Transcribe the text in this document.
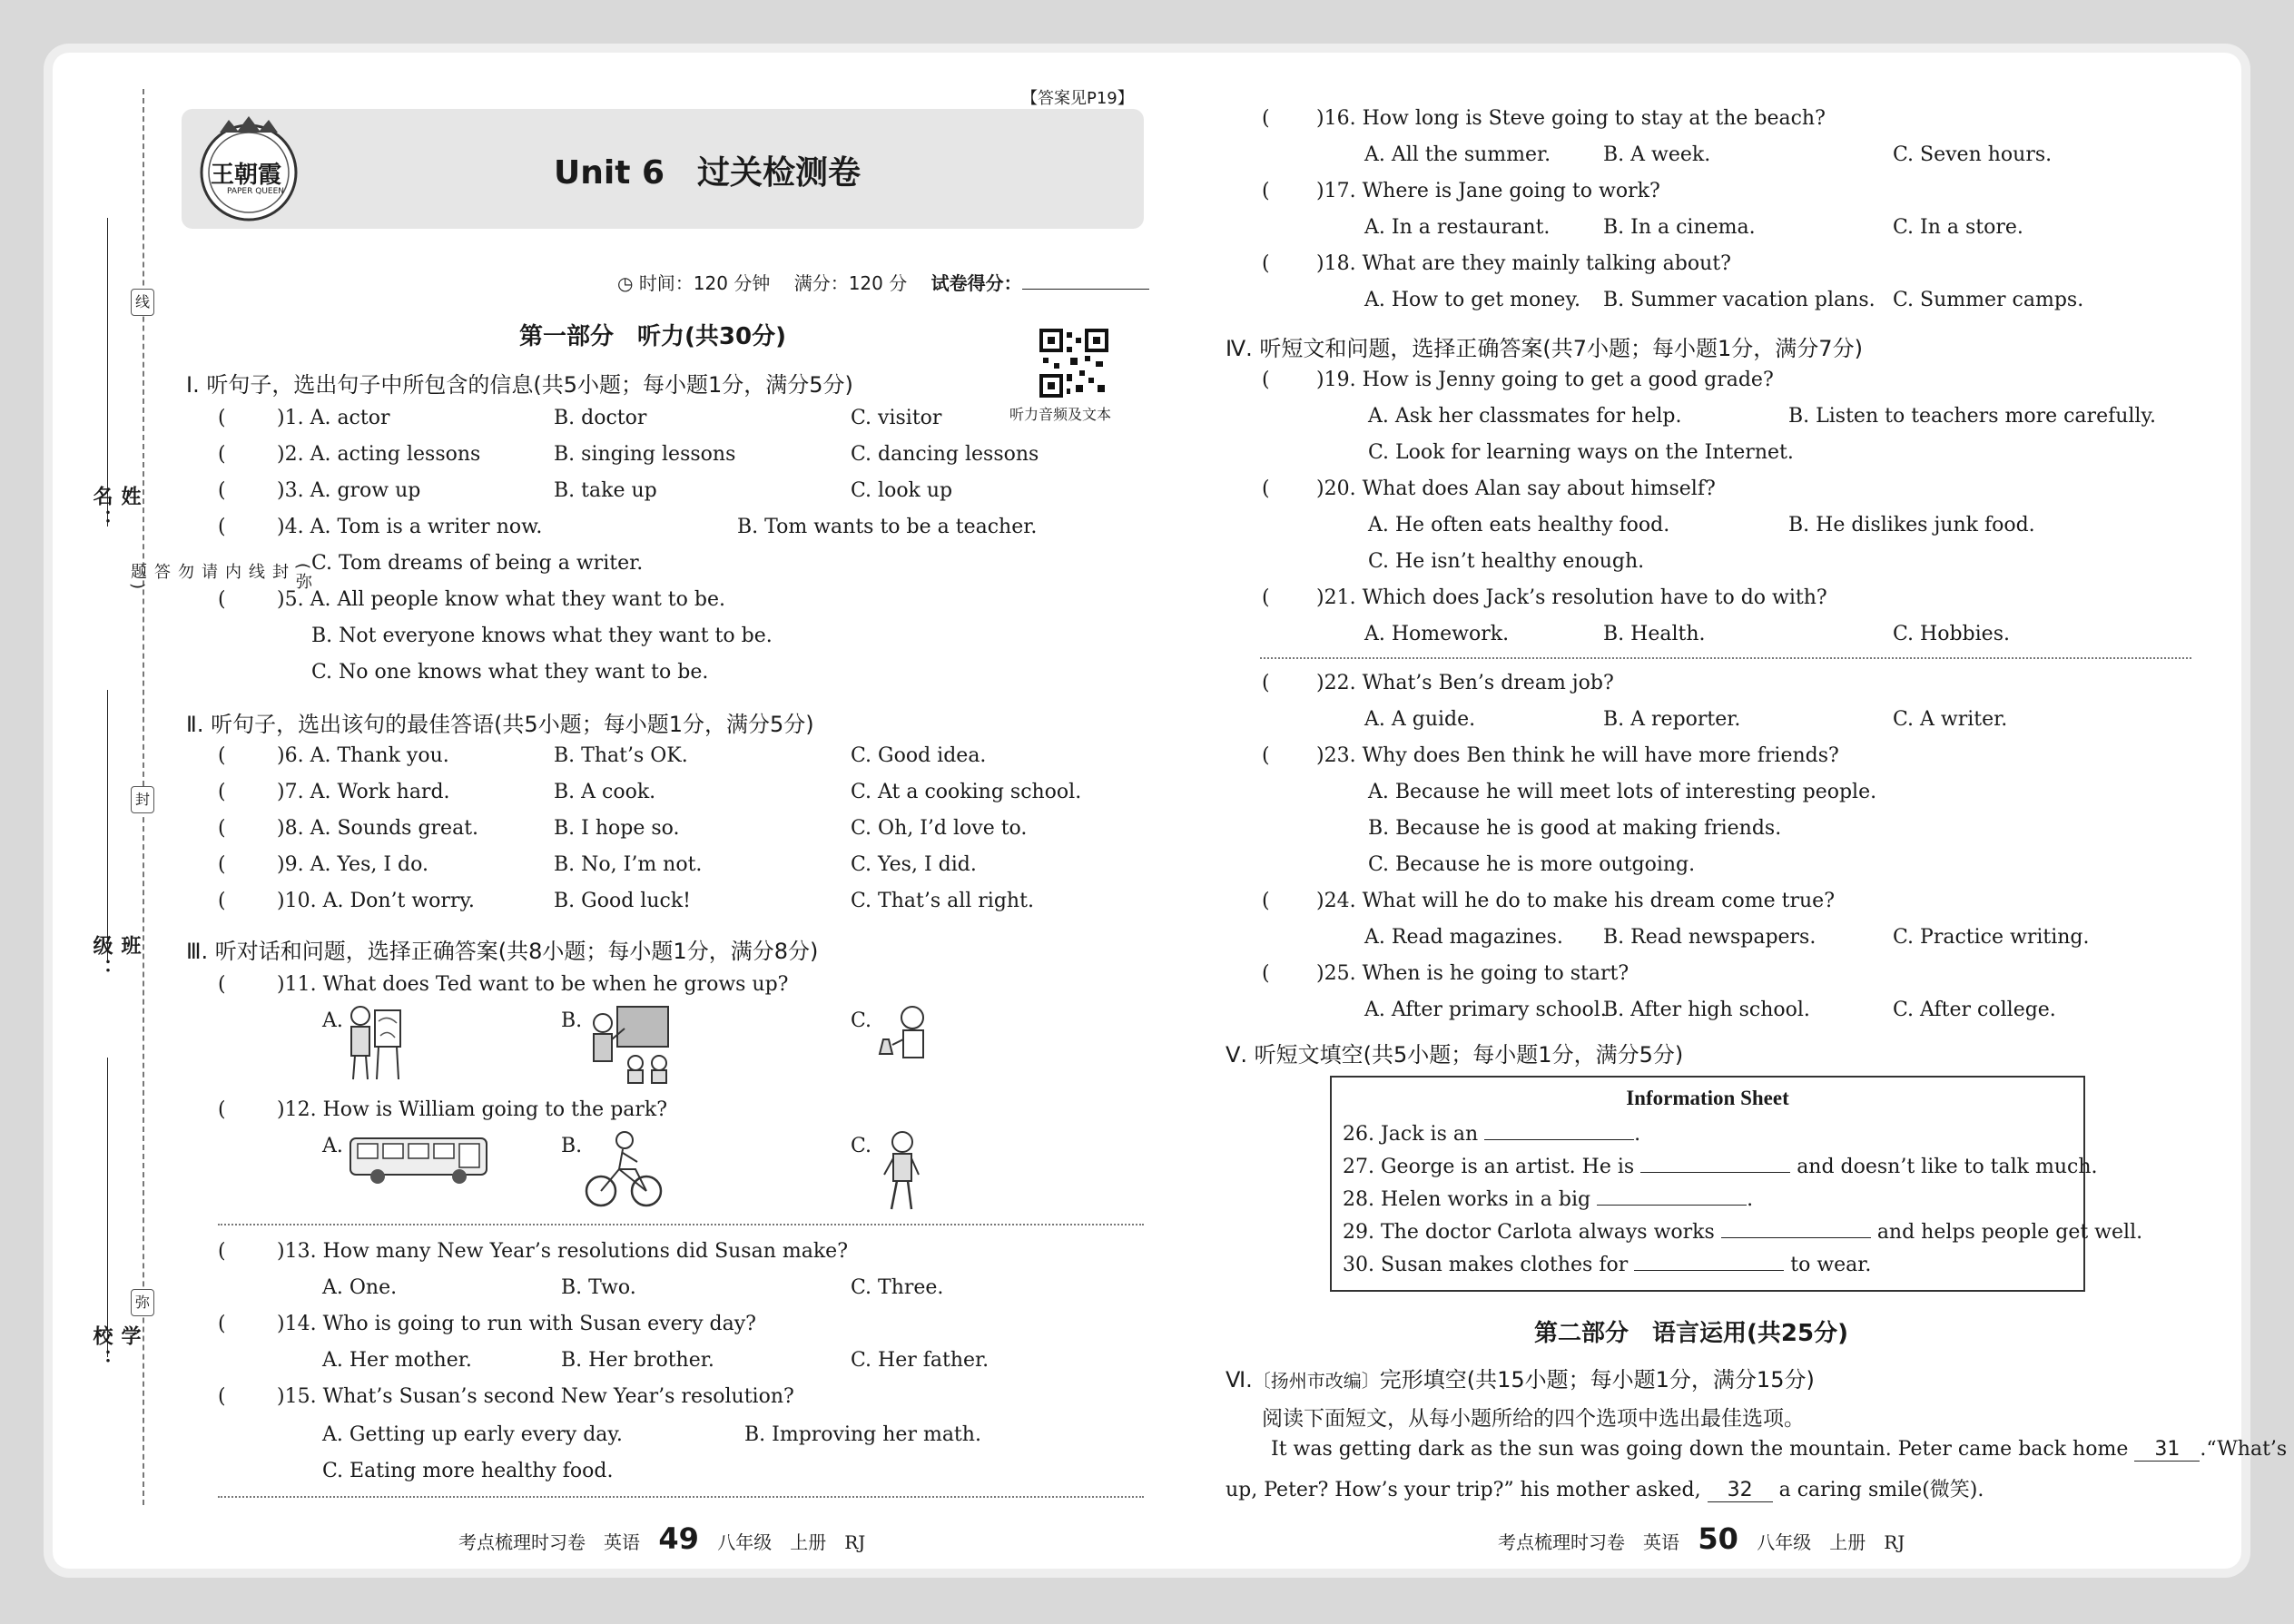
线
封
弥
(弥封线内请勿答题)
姓名：
班级：
学校：
【答案见P19】
王朝霞
PAPER QUEEN	Unit 6　过关检测卷
◷ 时间：120 分钟　 满分：120 分　 试卷得分：
第一部分　听力(共30分)
听力音频及文本
Ⅰ. 听句子，选出句子中所包含的信息(共5小题；每小题1分，满分5分)
(	)1. A. actor	B. doctor	C. visitor
(	)2. A. acting lessons	B. singing lessons	C. dancing lessons
(	)3. A. grow up	B. take up	C. look up
(	)4. A. Tom is a writer now.	B. Tom wants to be a teacher.
C. Tom dreams of being a writer.
(	)5. A. All people know what they want to be.
B. Not everyone knows what they want to be.
C. No one knows what they want to be.
Ⅱ. 听句子，选出该句的最佳答语(共5小题；每小题1分，满分5分)
(	)6. A. Thank you.	B. That’s OK.	C. Good idea.
(	)7. A. Work hard.	B. A cook.	C. At a cooking school.
(	)8. A. Sounds great.	B. I hope so.	C. Oh, I’d love to.
(	)9. A. Yes, I do.	B. No, I’m not.	C. Yes, I did.
(	)10. A. Don’t worry.	B. Good luck!	C. That’s all right.
Ⅲ. 听对话和问题，选择正确答案(共8小题；每小题1分，满分8分)
(	)11. What does Ted want to be when he grows up?
A.	B.	C.
(	)12. How is William going to the park?
A.	B.	C.
(	)13. How many New Year’s resolutions did Susan make?
A. One.	B. Two.	C. Three.
(	)14. Who is going to run with Susan every day?
A. Her mother.	B. Her brother.	C. Her father.
(	)15. What’s Susan’s second New Year’s resolution?
A. Getting up early every day.	B. Improving her math.
C. Eating more healthy food.
考点梳理时习卷　英语 49 八年级　上册　RJ
( )16. How long is Steve going to stay at the beach?
A. All the summer.	B. A week.	C. Seven hours.
( )17. Where is Jane going to work?
A. In a restaurant.	B. In a cinema.	C. In a store.
( )18. What are they mainly talking about?
A. How to get money. B. Summer vacation plans. C. Summer camps.
Ⅳ. 听短文和问题，选择正确答案(共7小题；每小题1分，满分7分)
( )19. How is Jenny going to get a good grade?
A. Ask her classmates for help.	B. Listen to teachers more carefully.
C. Look for learning ways on the Internet.
( )20. What does Alan say about himself?
A. He often eats healthy food.	B. He dislikes junk food.
C. He isn’t healthy enough.
( )21. Which does Jack’s resolution have to do with?
A. Homework.	B. Health.	C. Hobbies.
( )22. What’s Ben’s dream job?
A. A guide.	B. A reporter.	C. A writer.
( )23. Why does Ben think he will have more friends?
A. Because he will meet lots of interesting people.
B. Because he is good at making friends.
C. Because he is more outgoing.
( )24. What will he do to make his dream come true?
A. Read magazines. B. Read newspapers.	C. Practice writing.
( )25. When is he going to start?
A. After primary school.
B. After high school.	C. After college.
Ⅴ. 听短文填空(共5小题；每小题1分，满分5分)
Information Sheet
26. Jack is an	.
27. George is an artist. He is	and doesn’t like to talk much.
28. Helen works in a big	.
29. The doctor Carlota always works	and helps people get well.
30. Susan makes clothes for	to wear.
第二部分　语言运用(共25分)
Ⅵ.〔扬州市改编〕完形填空(共15小题；每小题1分，满分15分)
阅读下面短文，从每小题所给的四个选项中选出最佳选项。
It was getting dark as the sun was going down the mountain. Peter came back home 31 .“What’s
up, Peter? How’s your trip?” his mother asked, 32 a caring smile(微笑).
考点梳理时习卷　英语 50 八年级　上册　RJ
